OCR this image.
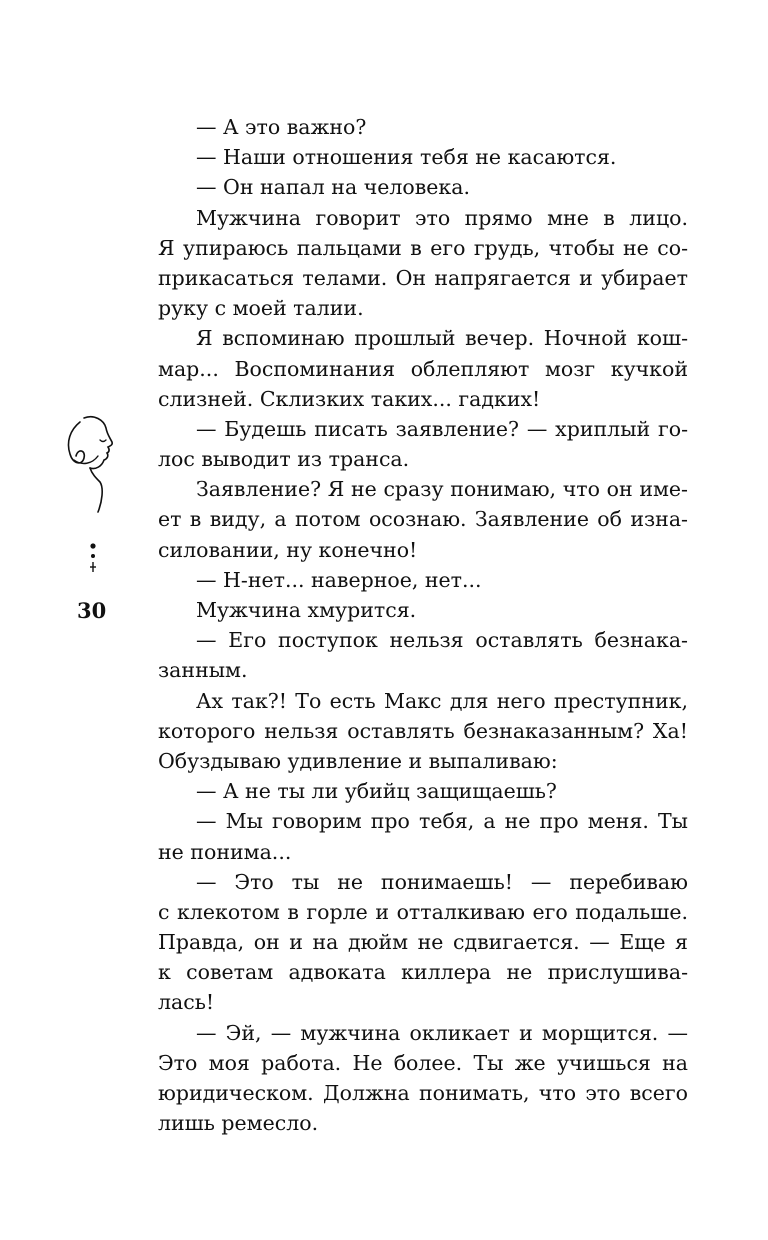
30
— А это важно?
— Наши отношения тебя не касаются.
— Он напал на человека.
Мужчина говорит это прямо мне в лицо.
Я упираюсь пальцами в его грудь, чтобы не со-
прикасаться телами. Он напрягается и убирает
руку с моей талии.
Я вспоминаю прошлый вечер. Ночной кош-
мар... Воспоминания облепляют мозг кучкой
слизней. Склизких таких... гадких!
— Будешь писать заявление? — хриплый го-
лос выводит из транса.
Заявление? Я не сразу понимаю, что он име-
ет в виду, а потом осознаю. Заявление об изна-
силовании, ну конечно!
— Н-нет... наверное, нет...
Мужчина хмурится.
— Его поступок нельзя оставлять безнака-
занным.
Ах так?! То есть Макс для него преступник,
которого нельзя оставлять безнаказанным? Ха!
Обуздываю удивление и выпаливаю:
— А не ты ли убийц защищаешь?
— Мы говорим про тебя, а не про меня. Ты
не понима...
— Это ты не понимаешь! — перебиваю
с клекотом в горле и отталкиваю его подальше.
Правда, он и на дюйм не сдвигается. — Еще я
к советам адвоката киллера не прислушива-
лась!
— Эй, — мужчина окликает и морщится. —
Это моя работа. Не более. Ты же учишься на
юридическом. Должна понимать, что это всего
лишь ремесло.
